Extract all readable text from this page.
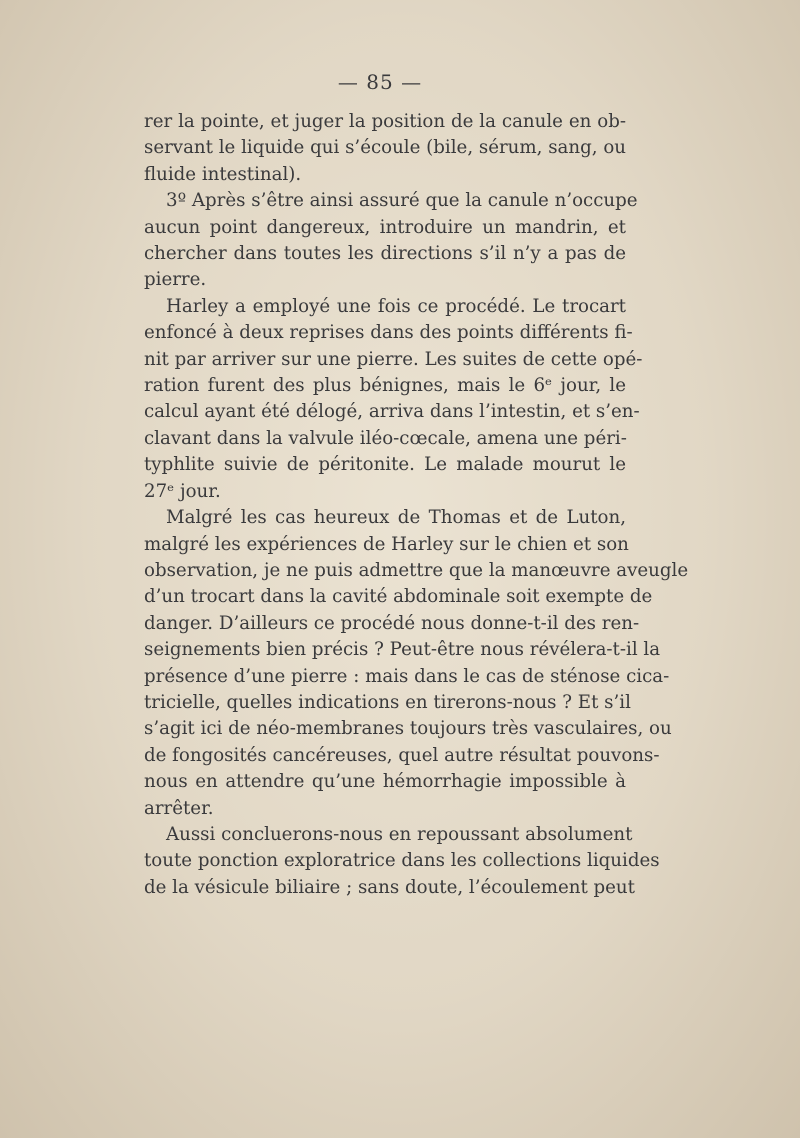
— 85 —
rer la pointe, et juger la position de la canule en ob-
servant le liquide qui s’écoule (bile, sérum, sang, ou
fluide intestinal).
3º Après s’être ainsi assuré que la canule n’occupe
aucun point dangereux, introduire un mandrin, et
chercher dans toutes les directions s’il n’y a pas de
pierre.
Harley a employé une fois ce procédé. Le trocart
enfoncé à deux reprises dans des points différents fi-
nit par arriver sur une pierre. Les suites de cette opé-
ration furent des plus bénignes, mais le 6ᵉ jour, le
calcul ayant été délogé, arriva dans l’intestin, et s’en-
clavant dans la valvule iléo-cœcale, amena une péri-
typhlite suivie de péritonite. Le malade mourut le
27ᵉ jour.
Malgré les cas heureux de Thomas et de Luton,
malgré les expériences de Harley sur le chien et son
observation, je ne puis admettre que la manœuvre aveugle
d’un trocart dans la cavité abdominale soit exempte de
danger. D’ailleurs ce procédé nous donne-t-il des ren-
seignements bien précis ? Peut-être nous révélera-t-il la
présence d’une pierre : mais dans le cas de sténose cica-
tricielle, quelles indications en tirerons-nous ? Et s’il
s’agit ici de néo-membranes toujours très vasculaires, ou
de fongosités cancéreuses, quel autre résultat pouvons-
nous en attendre qu’une hémorrhagie impossible à
arrêter.
Aussi concluerons-nous en repoussant absolument
toute ponction exploratrice dans les collections liquides
de la vésicule biliaire ; sans doute, l’écoulement peut
